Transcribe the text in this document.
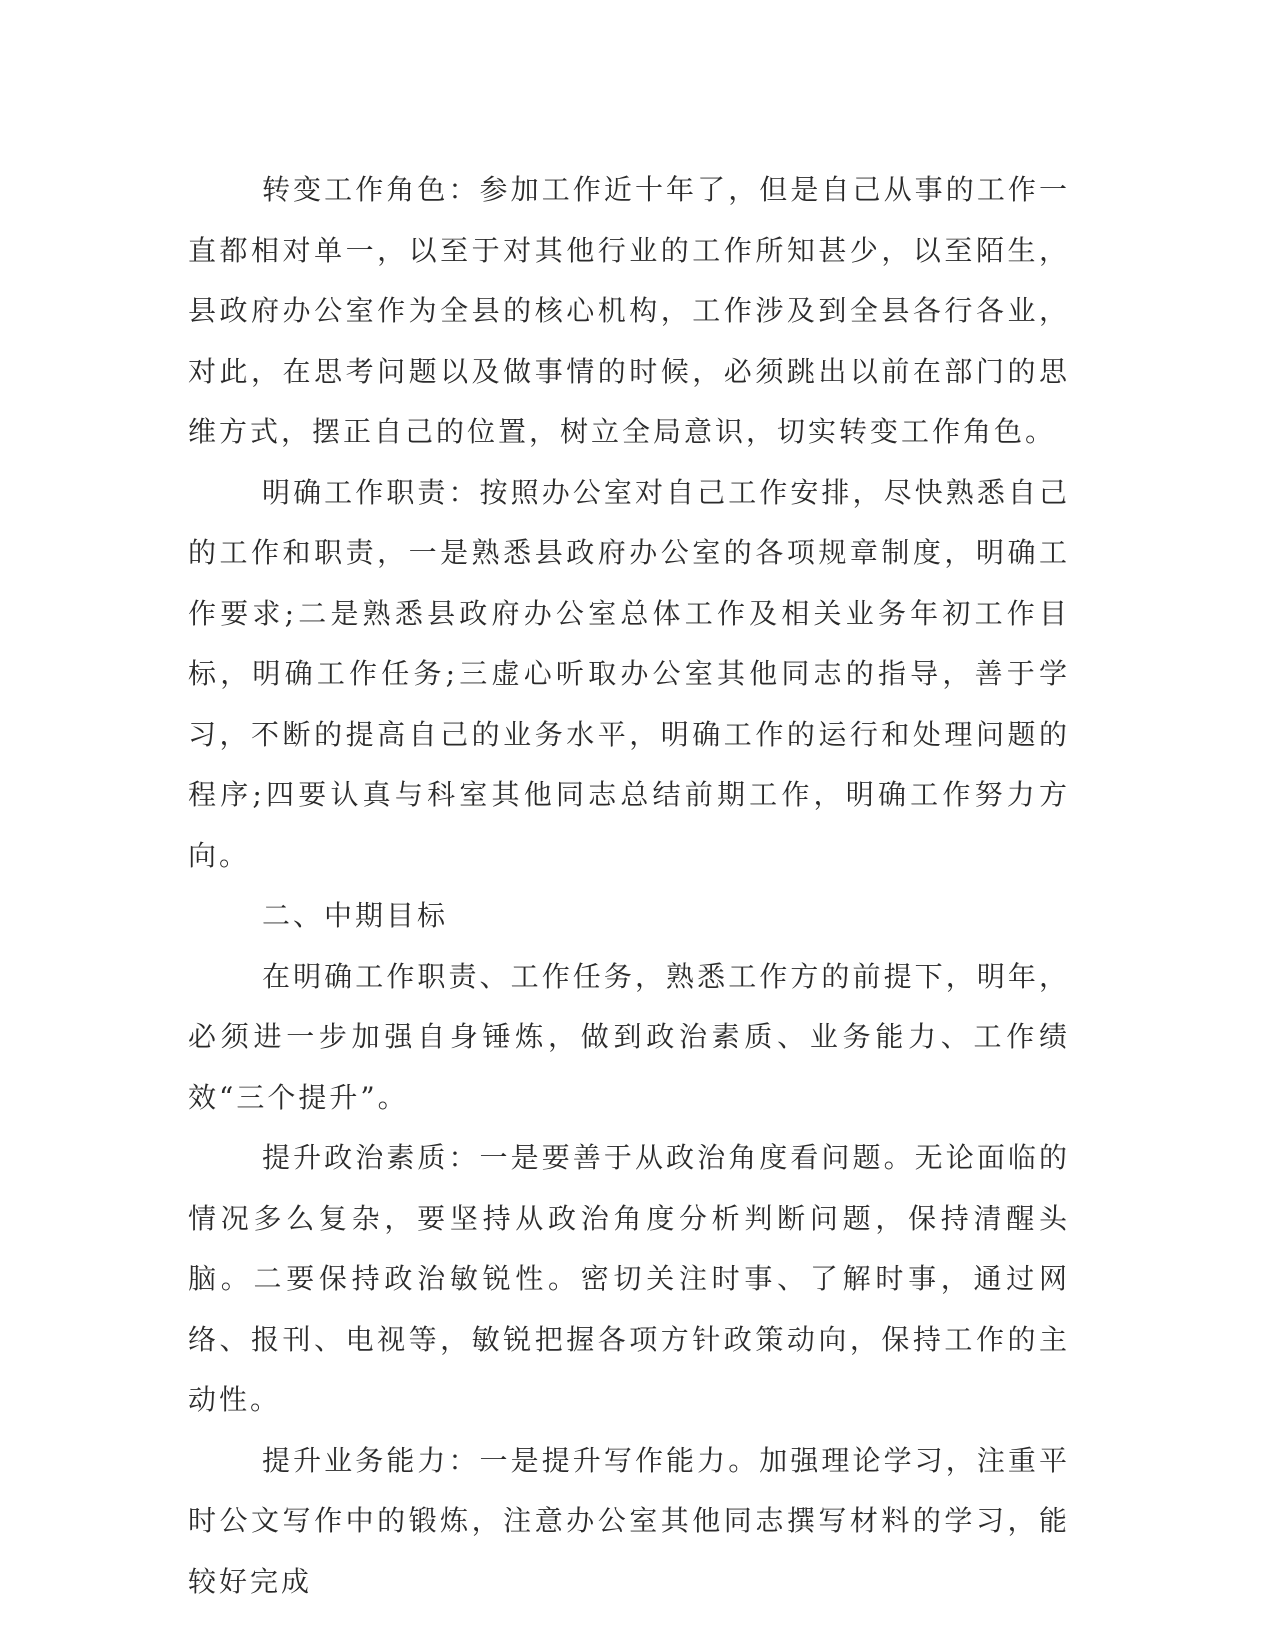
转变工作角色：参加工作近十年了，但是自己从事的工作一直都相对单一，以至于对其他行业的工作所知甚少，以至陌生，县政府办公室作为全县的核心机构，工作涉及到全县各行各业，对此，在思考问题以及做事情的时候，必须跳出以前在部门的思维方式，摆正自己的位置，树立全局意识，切实转变工作角色。

明确工作职责：按照办公室对自己工作安排，尽快熟悉自己的工作和职责，一是熟悉县政府办公室的各项规章制度，明确工作要求;二是熟悉县政府办公室总体工作及相关业务年初工作目标，明确工作任务;三虚心听取办公室其他同志的指导，善于学习，不断的提高自己的业务水平，明确工作的运行和处理问题的程序;四要认真与科室其他同志总结前期工作，明确工作努力方向。

二、中期目标

在明确工作职责、工作任务，熟悉工作方的前提下，明年，必须进一步加强自身锤炼，做到政治素质、业务能力、工作绩效“三个提升”。

提升政治素质：一是要善于从政治角度看问题。无论面临的情况多么复杂，要坚持从政治角度分析判断问题，保持清醒头脑。二要保持政治敏锐性。密切关注时事、了解时事，通过网络、报刊、电视等，敏锐把握各项方针政策动向，保持工作的主动性。

提升业务能力：一是提升写作能力。加强理论学习，注重平时公文写作中的锻炼，注意办公室其他同志撰写材料的学习，能较好完成
